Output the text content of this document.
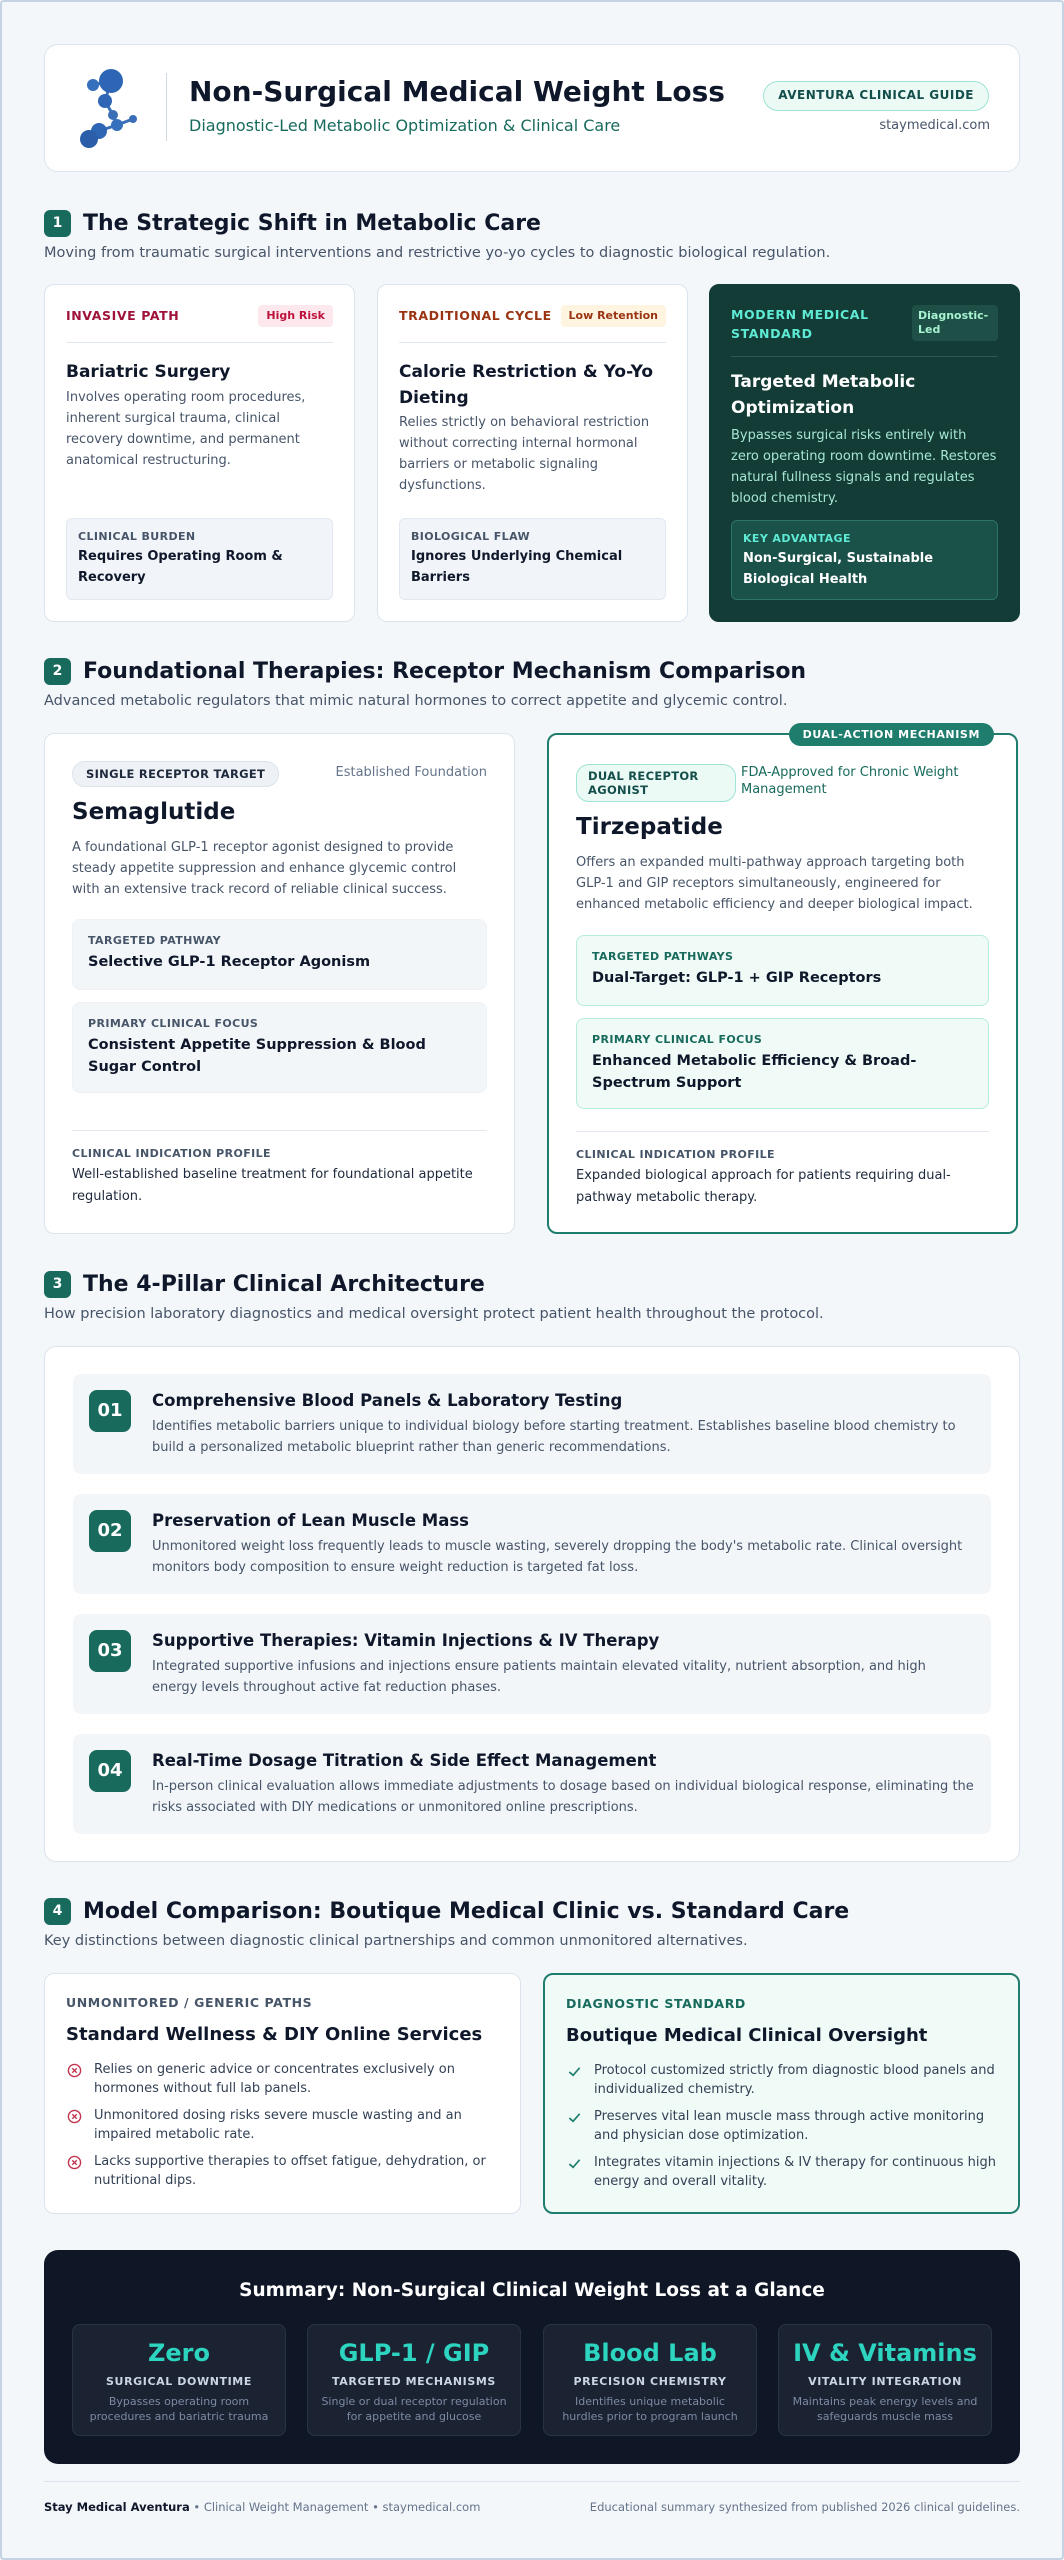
Non-Surgical Medical Weight Loss
Diagnostic-Led Metabolic Optimization & Clinical Care
AVENTURA CLINICAL GUIDE
staymedical.com
1 The Strategic Shift in Metabolic Care
Moving from traumatic surgical interventions and restrictive yo-yo cycles to diagnostic biological regulation.
INVASIVE PATH	High Risk
Bariatric Surgery
Involves operating room procedures, inherent surgical trauma, clinical recovery downtime, and permanent anatomical restructuring.
CLINICAL BURDEN
Requires Operating Room & Recovery
TRADITIONAL CYCLE	Low Retention
Calorie Restriction & Yo-Yo Dieting
Relies strictly on behavioral restriction without correcting internal hormonal barriers or metabolic signaling dysfunctions.
BIOLOGICAL FLAW
Ignores Underlying Chemical Barriers
MODERN MEDICAL STANDARD
Diagnostic-Led
Targeted Metabolic Optimization
Bypasses surgical risks entirely with zero operating room downtime. Restores natural fullness signals and regulates blood chemistry.
KEY ADVANTAGE
Non-Surgical, Sustainable Biological Health
2 Foundational Therapies: Receptor Mechanism Comparison
Advanced metabolic regulators that mimic natural hormones to correct appetite and glycemic control.
SINGLE RECEPTOR TARGET	Established Foundation
Semaglutide
A foundational GLP-1 receptor agonist designed to provide steady appetite suppression and enhance glycemic control with an extensive track record of reliable clinical success.
TARGETED PATHWAY
Selective GLP-1 Receptor Agonism
PRIMARY CLINICAL FOCUS
Consistent Appetite Suppression & Blood Sugar Control
CLINICAL INDICATION PROFILE
Well-established baseline treatment for foundational appetite regulation.
DUAL-ACTION MECHANISM
DUAL RECEPTOR AGONIST
FDA-Approved for Chronic Weight Management
Tirzepatide
Offers an expanded multi-pathway approach targeting both GLP-1 and GIP receptors simultaneously, engineered for enhanced metabolic efficiency and deeper biological impact.
TARGETED PATHWAYS
Dual-Target: GLP-1 + GIP Receptors
PRIMARY CLINICAL FOCUS
Enhanced Metabolic Efficiency & Broad-Spectrum Support
CLINICAL INDICATION PROFILE
Expanded biological approach for patients requiring dual-pathway metabolic therapy.
3 The 4-Pillar Clinical Architecture
How precision laboratory diagnostics and medical oversight protect patient health throughout the protocol.
01	Comprehensive Blood Panels & Laboratory Testing
Identifies metabolic barriers unique to individual biology before starting treatment. Establishes baseline blood chemistry to build a personalized metabolic blueprint rather than generic recommendations.
02	Preservation of Lean Muscle Mass
Unmonitored weight loss frequently leads to muscle wasting, severely dropping the body's metabolic rate. Clinical oversight monitors body composition to ensure weight reduction is targeted fat loss.
03	Supportive Therapies: Vitamin Injections & IV Therapy
Integrated supportive infusions and injections ensure patients maintain elevated vitality, nutrient absorption, and high energy levels throughout active fat reduction phases.
04	Real-Time Dosage Titration & Side Effect Management
In-person clinical evaluation allows immediate adjustments to dosage based on individual biological response, eliminating the risks associated with DIY medications or unmonitored online prescriptions.
4 Model Comparison: Boutique Medical Clinic vs. Standard Care
Key distinctions between diagnostic clinical partnerships and common unmonitored alternatives.
UNMONITORED / GENERIC PATHS
Standard Wellness & DIY Online Services
Relies on generic advice or concentrates exclusively on hormones without full lab panels.
Unmonitored dosing risks severe muscle wasting and an impaired metabolic rate.
Lacks supportive therapies to offset fatigue, dehydration, or nutritional dips.
DIAGNOSTIC STANDARD
Boutique Medical Clinical Oversight
Protocol customized strictly from diagnostic blood panels and individualized chemistry.
Preserves vital lean muscle mass through active monitoring and physician dose optimization.
Integrates vitamin injections & IV therapy for continuous high energy and overall vitality.
Summary: Non-Surgical Clinical Weight Loss at a Glance
Zero
SURGICAL DOWNTIME
Bypasses operating room procedures and bariatric trauma
GLP-1 / GIP
TARGETED MECHANISMS
Single or dual receptor regulation for appetite and glucose
Blood Lab
PRECISION CHEMISTRY
Identifies unique metabolic hurdles prior to program launch
IV & Vitamins
VITALITY INTEGRATION
Maintains peak energy levels and safeguards muscle mass
Stay Medical Aventura • Clinical Weight Management • staymedical.com	Educational summary synthesized from published 2026 clinical guidelines.
